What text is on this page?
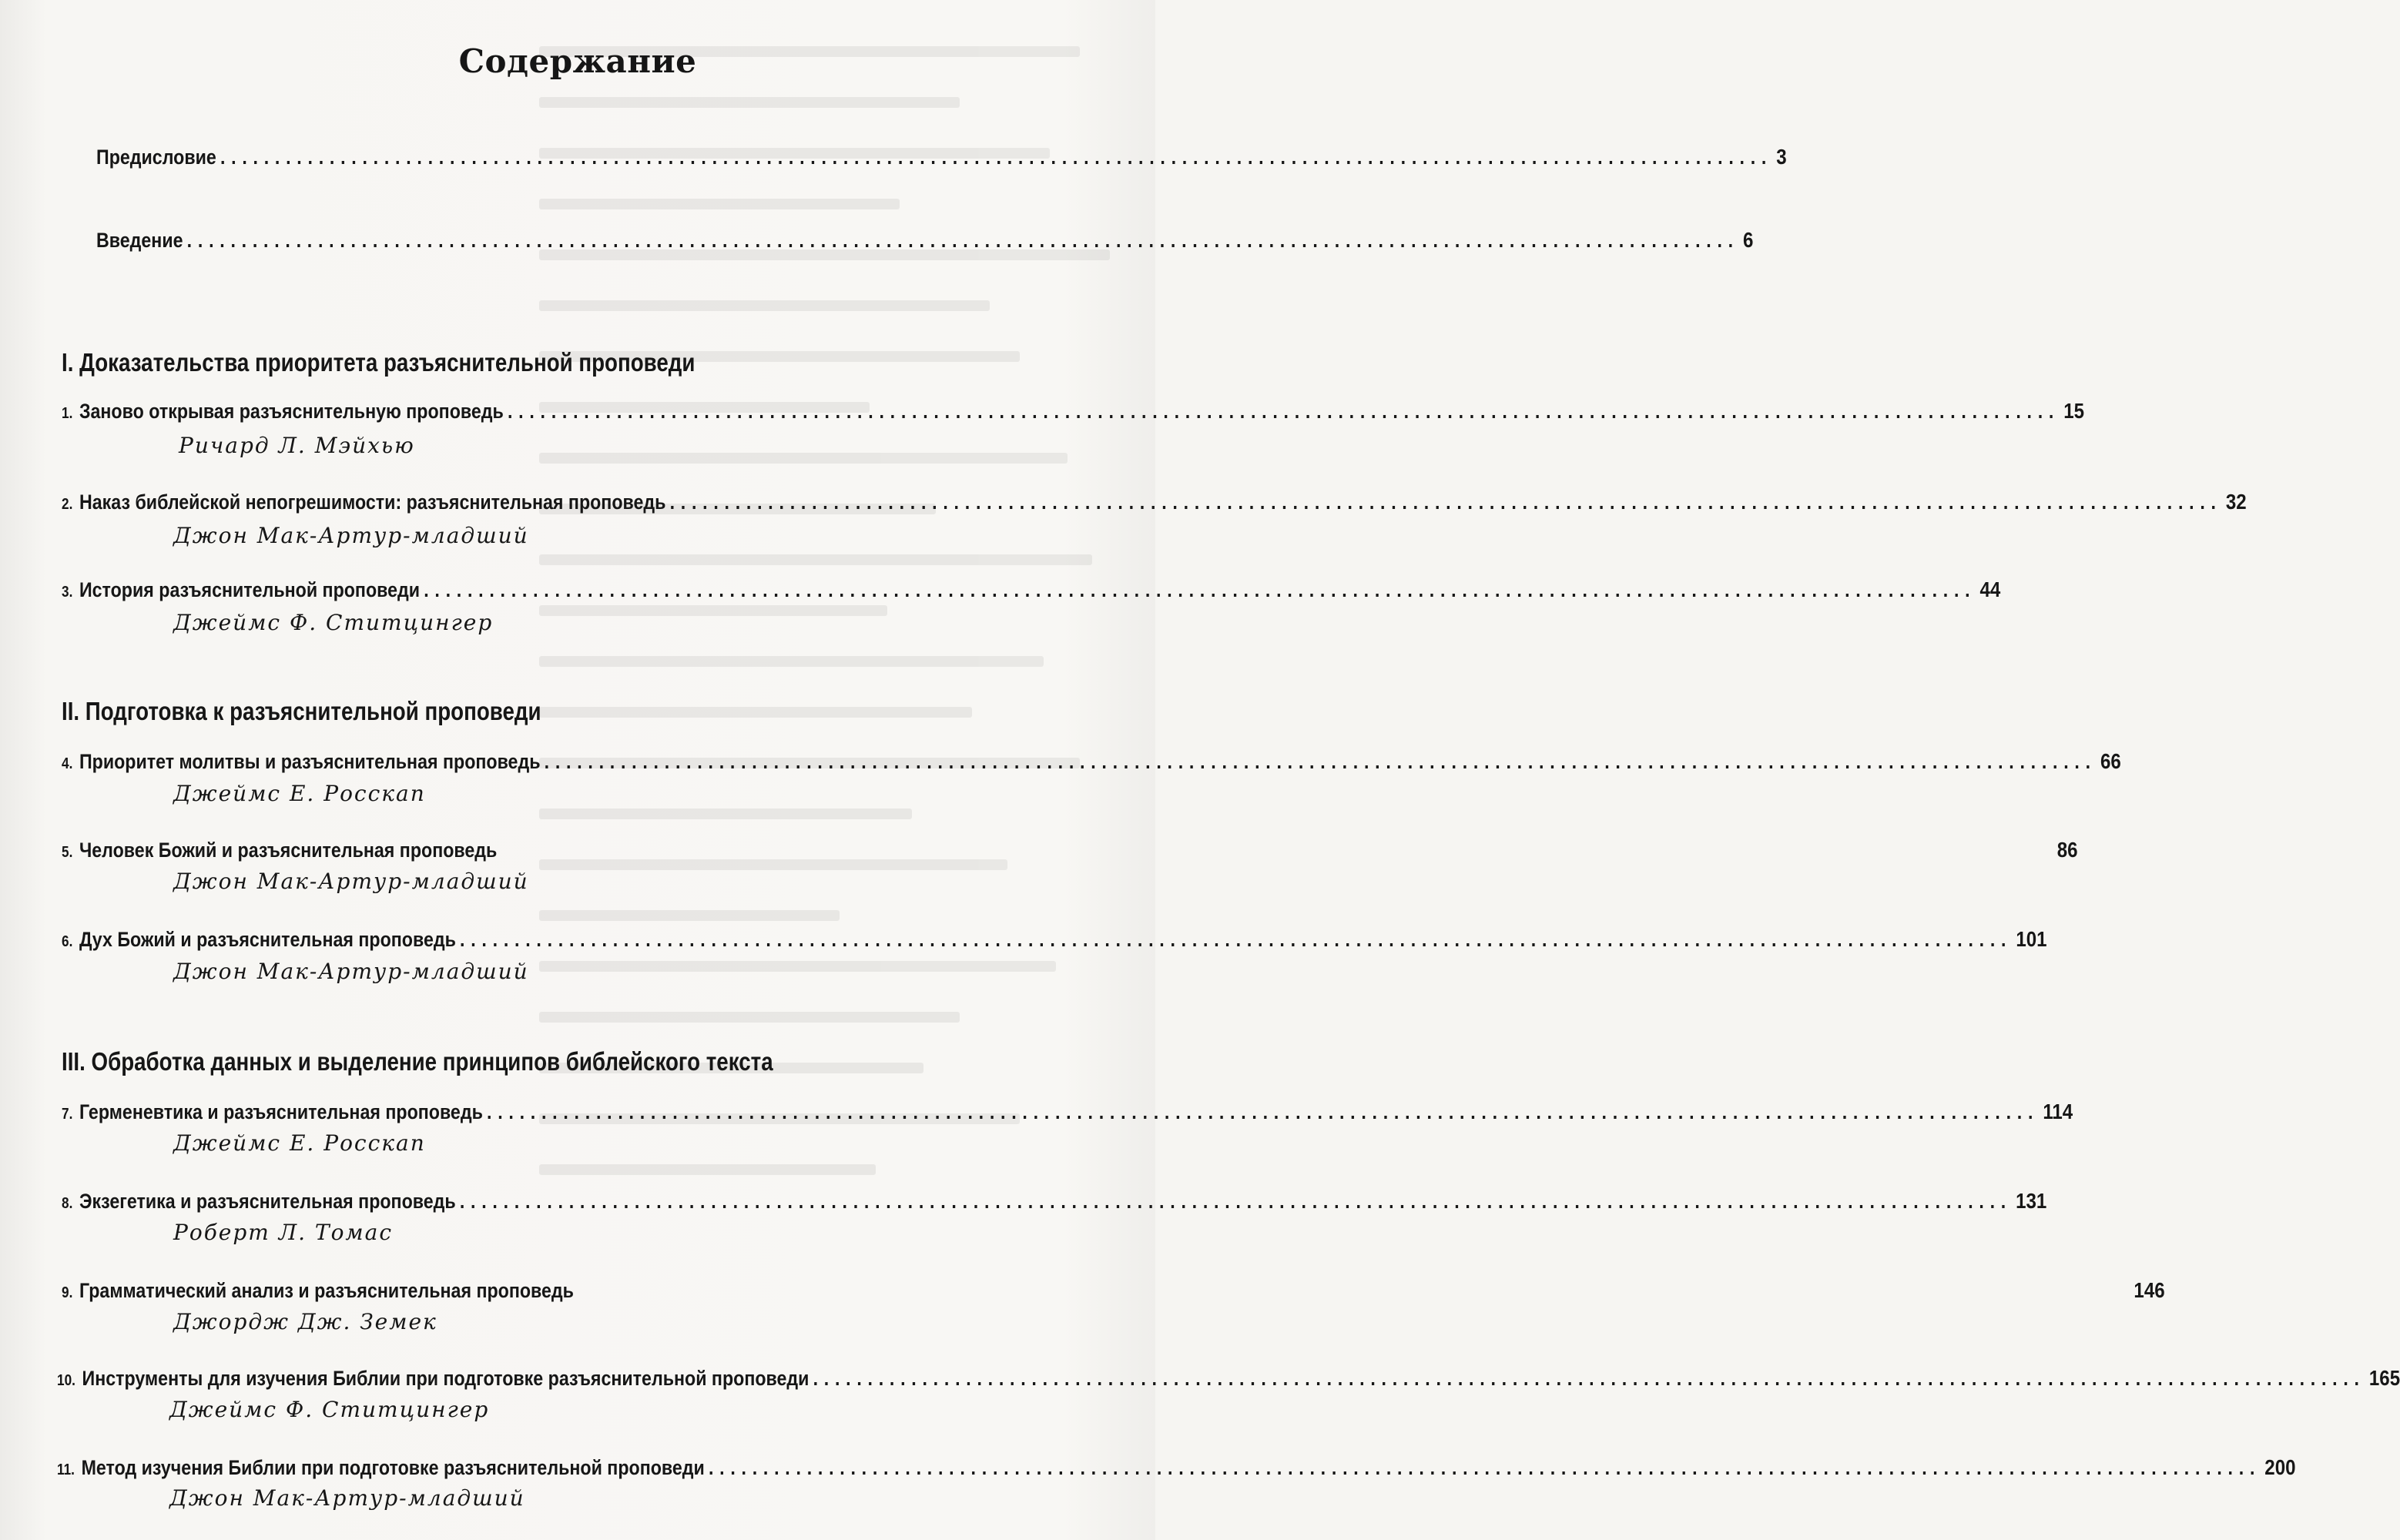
Содержание
Предисловие .............................................................................................................................................. 3
Введение .............................................................................................................................................. 6
I. Доказательства приоритета разъяснительной проповеди
1. Заново открывая разъяснительную проповедь .............................................................................................................................................. 15
Ричард Л. Мэйхью
2. Наказ библейской непогрешимости: разъяснительная проповедь .............................................................................................................................................. 32
Джон Мак-Артур-младший
3. История разъяснительной проповеди .............................................................................................................................................. 44
Джеймс Ф. Ститцингер
II. Подготовка к разъяснительной проповеди
4. Приоритет молитвы и разъяснительная проповедь .............................................................................................................................................. 66
Джеймс Е. Росскап
5. Человек Божий и разъяснительная проповедь	86
Джон Мак-Артур-младший
6. Дух Божий и разъяснительная проповедь .............................................................................................................................................. 101
Джон Мак-Артур-младший
III. Обработка данных и выделение принципов библейского текста
7. Герменевтика и разъяснительная проповедь .............................................................................................................................................. 114
Джеймс Е. Росскап
8. Экзегетика и разъяснительная проповедь .............................................................................................................................................. 131
Роберт Л. Томас
9. Грамматический анализ и разъяснительная проповедь	146
Джордж Дж. Земек
10. Инструменты для изучения Библии при подготовке разъяснительной проповеди .............................................................................................................................................. 165
Джеймс Ф. Ститцингер
11. Метод изучения Библии при подготовке разъяснительной проповеди .............................................................................................................................................. 200
Джон Мак-Артур-младший
